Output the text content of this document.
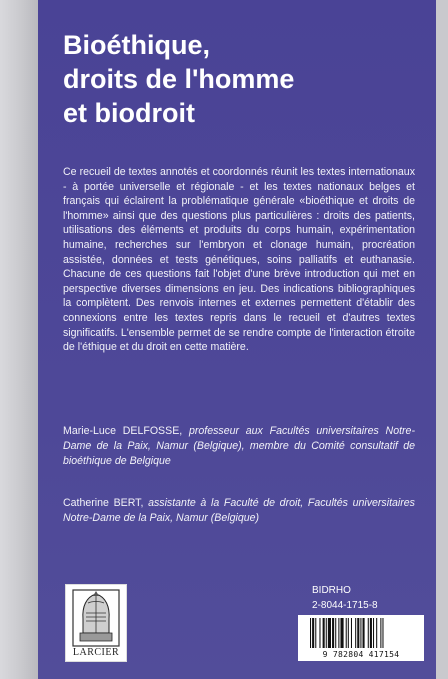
Bioéthique,
droits de l'homme
et biodroit

Ce recueil de textes annotés et coordonnés réunit les textes internationaux - à portée universelle et régionale - et les textes nationaux belges et français qui éclairent la problématique générale «bioéthique et droits de l'homme» ainsi que des questions plus particulières : droits des patients, utilisations des éléments et produits du corps humain, expérimentation humaine, recherches sur l'embryon et clonage humain, procréation assistée, données et tests génétiques, soins palliatifs et euthanasie. Chacune de ces questions fait l'objet d'une brève introduction qui met en perspective diverses dimensions en jeu. Des indications bibliographiques la complètent. Des renvois internes et externes permettent d'établir des connexions entre les textes repris dans le recueil et d'autres textes significatifs. L'ensemble permet de se rendre compte de l'interaction étroite de l'éthique et du droit en cette matière.

Marie-Luce DELFOSSE, professeur aux Facultés universitaires Notre-Dame de la Paix, Namur (Belgique), membre du Comité consultatif de bioéthique de Belgique

Catherine BERT, assistante à la Faculté de droit, Facultés universitaires Notre-Dame de la Paix, Namur (Belgique)

LARCIER
BIDRHO
2-8044-1715-8
9 782804 417154
